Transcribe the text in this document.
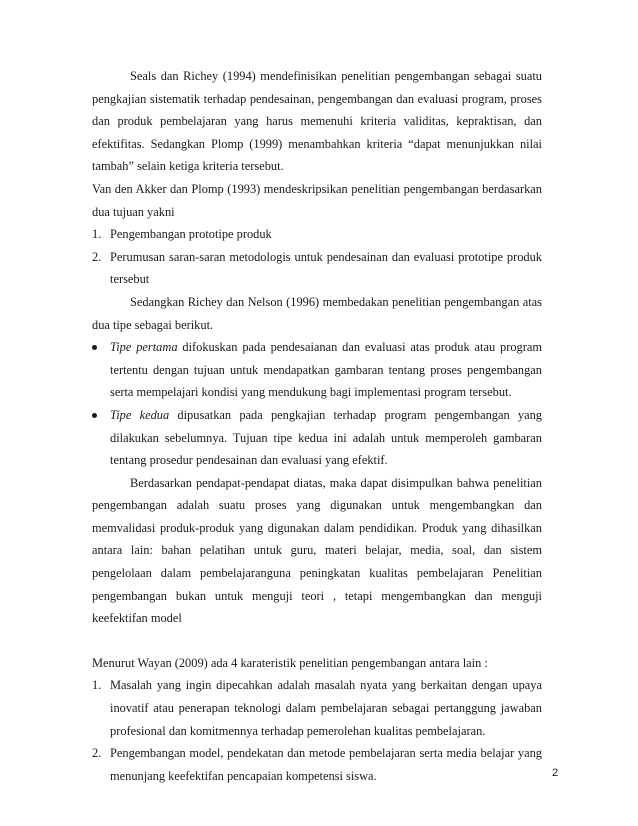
Seals dan Richey (1994) mendefinisikan penelitian pengembangan sebagai suatu pengkajian sistematik terhadap pendesainan, pengembangan dan evaluasi program, proses dan produk pembelajaran yang harus memenuhi kriteria validitas, kepraktisan, dan efektifitas. Sedangkan Plomp (1999) menambahkan kriteria “dapat menunjukkan nilai tambah” selain ketiga kriteria tersebut.

Van den Akker dan Plomp (1993) mendeskripsikan penelitian pengembangan berdasarkan dua tujuan yakni

1. Pengembangan prototipe produk
2. Perumusan saran-saran metodologis untuk pendesainan dan evaluasi prototipe produk tersebut

Sedangkan Richey dan Nelson (1996) membedakan penelitian pengembangan atas dua tipe sebagai berikut.

Tipe pertama difokuskan pada pendesaianan dan evaluasi atas produk atau program tertentu dengan tujuan untuk mendapatkan gambaran tentang proses pengembangan serta mempelajari kondisi yang mendukung bagi implementasi program tersebut.
Tipe kedua dipusatkan pada pengkajian terhadap program pengembangan yang dilakukan sebelumnya. Tujuan tipe kedua ini adalah untuk memperoleh gambaran tentang prosedur pendesainan dan evaluasi yang efektif.

Berdasarkan pendapat-pendapat diatas, maka dapat disimpulkan bahwa penelitian pengembangan adalah suatu proses yang digunakan untuk mengembangkan dan memvalidasi produk-produk yang digunakan dalam pendidikan. Produk yang dihasilkan antara lain: bahan pelatihan untuk guru, materi belajar, media, soal, dan sistem pengelolaan dalam pembelajaranguna peningkatan kualitas pembelajaran Penelitian pengembangan bukan untuk menguji teori , tetapi mengembangkan dan menguji keefektifan model

Menurut Wayan (2009) ada 4 karateristik penelitian pengembangan antara lain :

1. Masalah yang ingin dipecahkan adalah masalah nyata yang berkaitan dengan upaya inovatif atau penerapan teknologi dalam pembelajaran sebagai pertanggung jawaban profesional dan komitmennya terhadap pemerolehan kualitas pembelajaran.
2. Pengembangan model, pendekatan dan metode pembelajaran serta media belajar yang menunjang keefektifan pencapaian kompetensi siswa.	2
